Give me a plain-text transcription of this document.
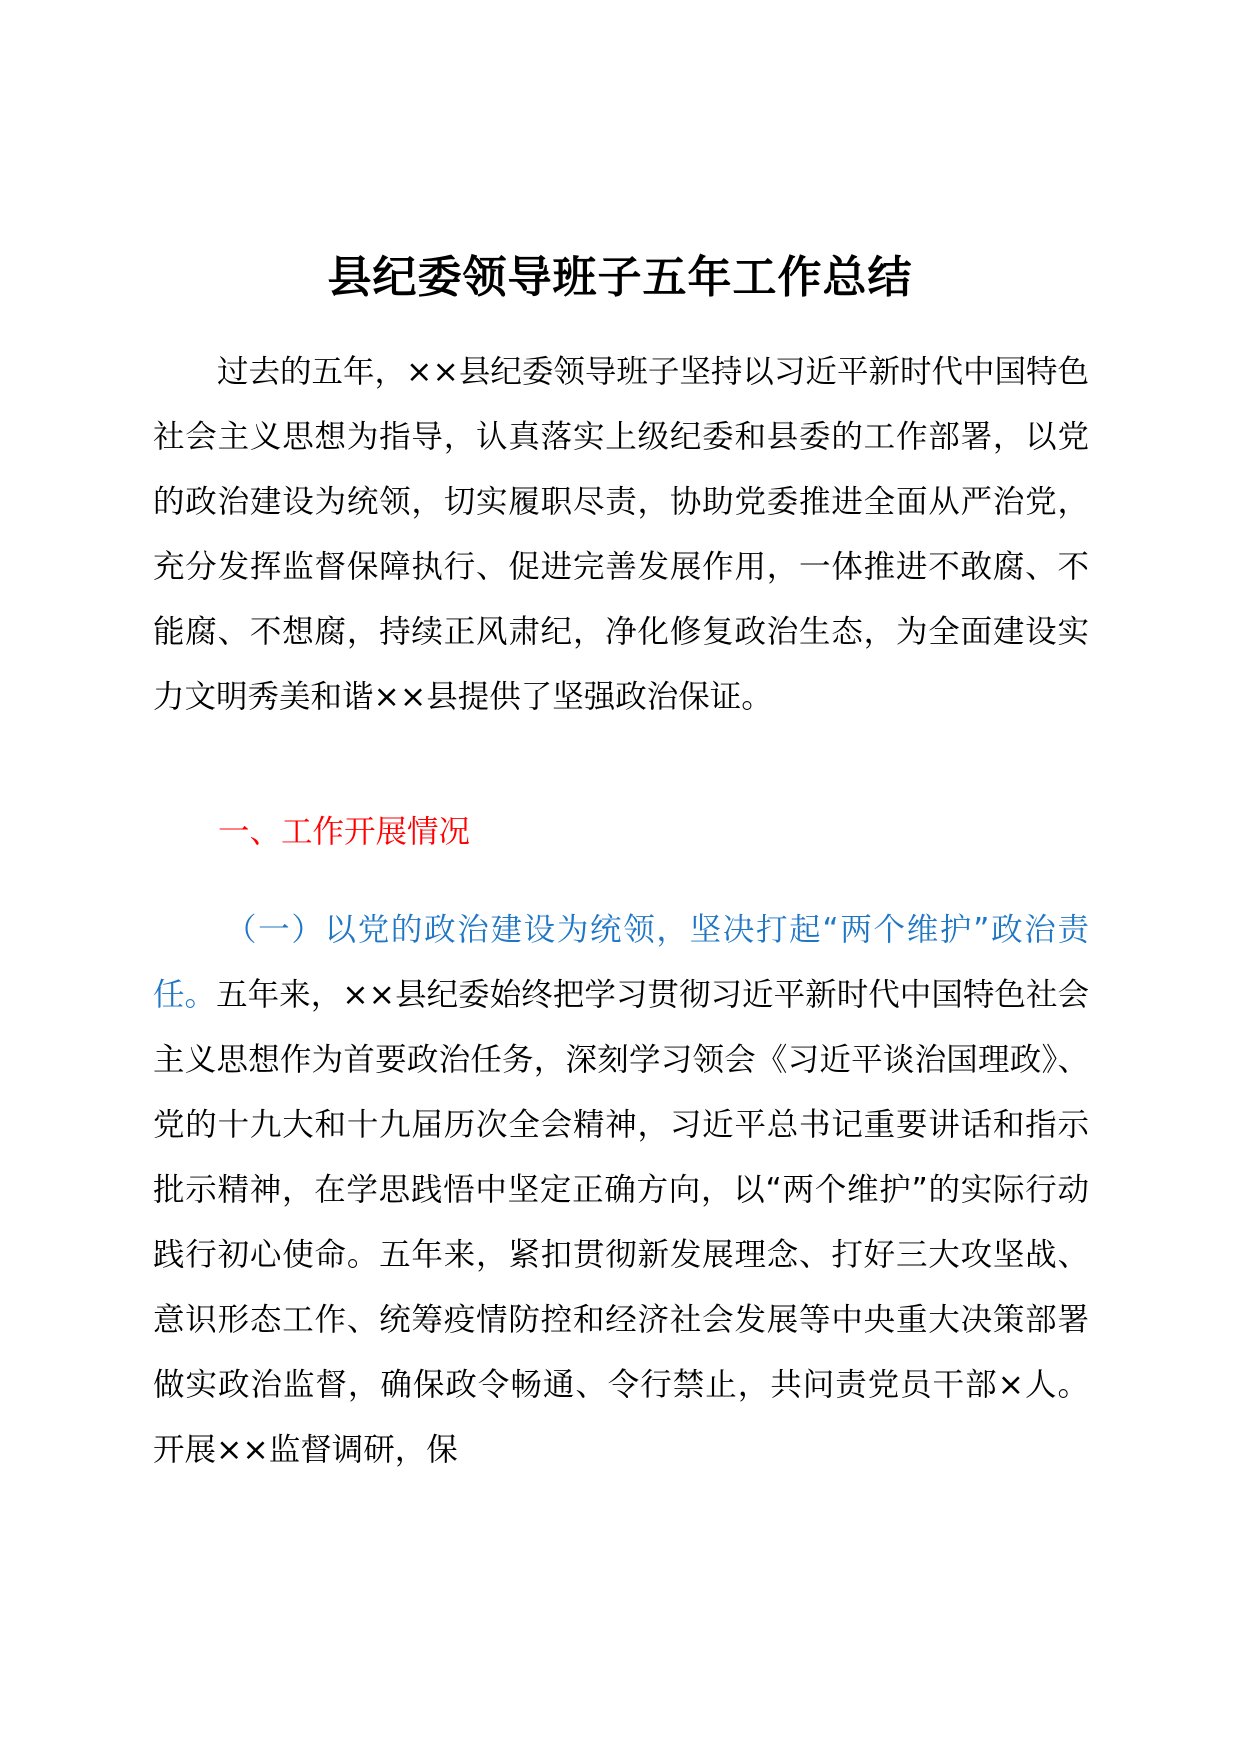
县纪委领导班子五年工作总结
过去的五年，××县纪委领导班子坚持以习近平新时代中国特色社会主义思想为指导，认真落实上级纪委和县委的工作部署，以党的政治建设为统领，切实履职尽责，协助党委推进全面从严治党，充分发挥监督保障执行、促进完善发展作用，一体推进不敢腐、不能腐、不想腐，持续正风肃纪，净化修复政治生态，为全面建设实力文明秀美和谐××县提供了坚强政治保证。
一、工作开展情况
（一）以党的政治建设为统领，坚决打起“两个维护”政治责任。五年来，××县纪委始终把学习贯彻习近平新时代中国特色社会主义思想作为首要政治任务，深刻学习领会《习近平谈治国理政》、党的十九大和十九届历次全会精神，习近平总书记重要讲话和指示批示精神，在学思践悟中坚定正确方向，以“两个维护”的实际行动践行初心使命。五年来，紧扣贯彻新发展理念、打好三大攻坚战、意识形态工作、统筹疫情防控和经济社会发展等中央重大决策部署做实政治监督，确保政令畅通、令行禁止，共问责党员干部×人。开展××监督调研，保
